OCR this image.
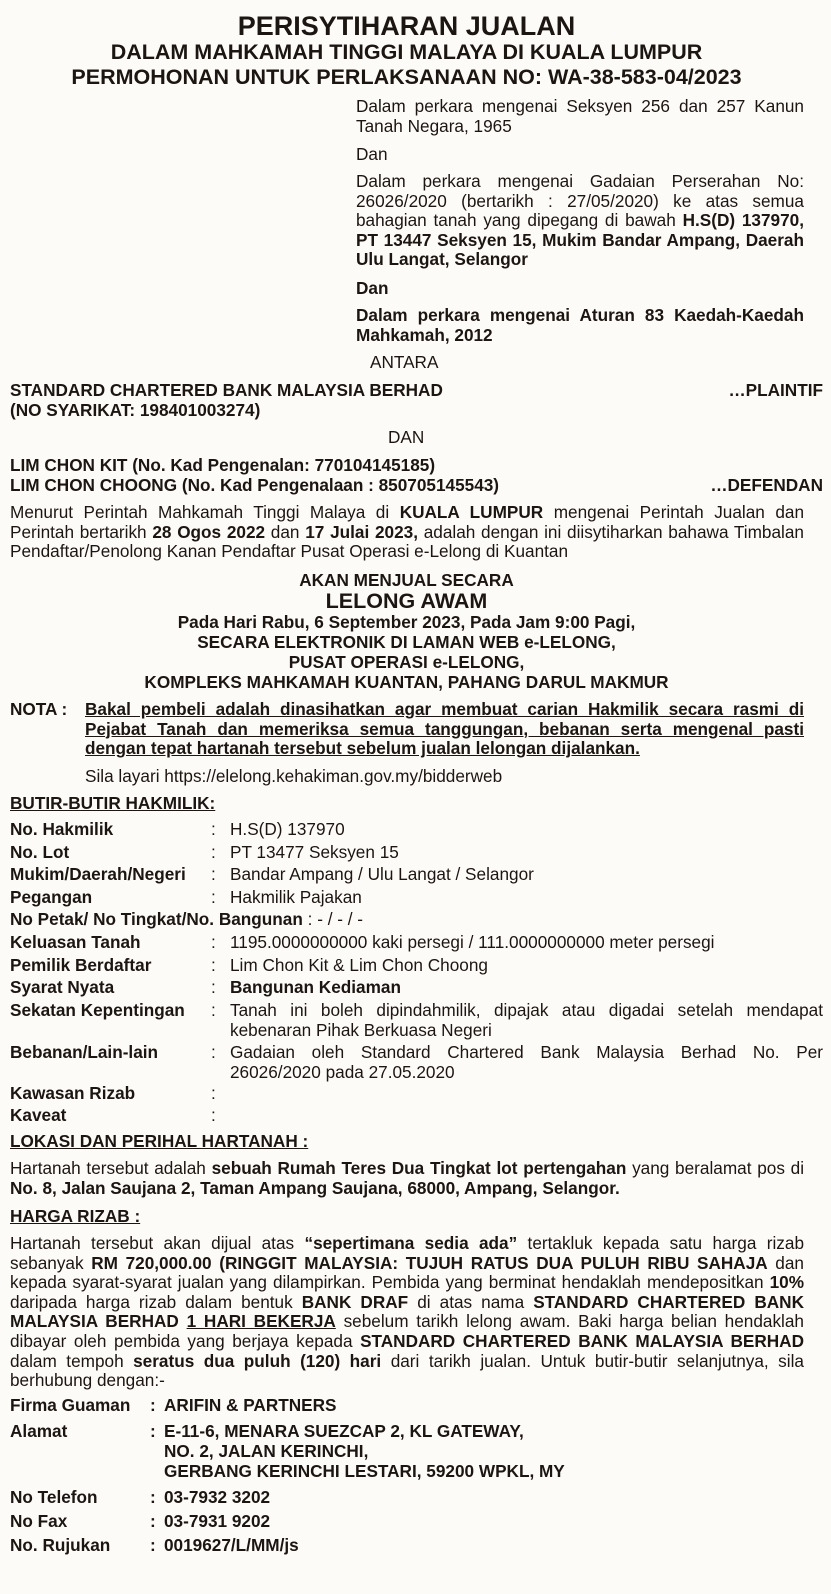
PERISYTIHARAN JUALAN
DALAM MAHKAMAH TINGGI MALAYA DI KUALA LUMPUR
PERMOHONAN UNTUK PERLAKSANAAN NO: WA-38-583-04/2023
Dalam perkara mengenai Seksyen 256 dan 257 Kanun Tanah Negara, 1965
Dan
Dalam perkara mengenai Gadaian Perserahan No: 26026/2020 (bertarikh : 27/05/2020) ke atas semua bahagian tanah yang dipegang di bawah H.S(D) 137970, PT 13447 Seksyen 15, Mukim Bandar Ampang, Daerah Ulu Langat, Selangor
Dan
Dalam perkara mengenai Aturan 83 Kaedah-Kaedah Mahkamah, 2012
ANTARA
STANDARD CHARTERED BANK MALAYSIA BERHAD	…PLAINTIF
(NO SYARIKAT: 198401003274)
DAN
LIM CHON KIT (No. Kad Pengenalan: 770104145185)
LIM CHON CHOONG (No. Kad Pengenalaan : 850705145543)	…DEFENDAN
Menurut Perintah Mahkamah Tinggi Malaya di KUALA LUMPUR mengenai Perintah Jualan dan Perintah bertarikh 28 Ogos 2022 dan 17 Julai 2023, adalah dengan ini diisytiharkan bahawa Timbalan Pendaftar/Penolong Kanan Pendaftar Pusat Operasi e-Lelong di Kuantan
AKAN MENJUAL SECARA
LELONG AWAM
Pada Hari Rabu, 6 September 2023, Pada Jam 9:00 Pagi,
SECARA ELEKTRONIK DI LAMAN WEB e-LELONG,
PUSAT OPERASI e-LELONG,
KOMPLEKS MAHKAMAH KUANTAN, PAHANG DARUL MAKMUR
NOTA : Bakal pembeli adalah dinasihatkan agar membuat carian Hakmilik secara rasmi di Pejabat Tanah dan memeriksa semua tanggungan, bebanan serta mengenal pasti dengan tepat hartanah tersebut sebelum jualan lelongan dijalankan.
Sila layari https://elelong.kehakiman.gov.my/bidderweb
BUTIR-BUTIR HAKMILIK:
No. Hakmilik	: H.S(D) 137970
No. Lot	: PT 13477 Seksyen 15
Mukim/Daerah/Negeri : Bandar Ampang / Ulu Langat / Selangor
Pegangan	: Hakmilik Pajakan
No Petak/ No Tingkat/No. Bangunan : - / - / -
Keluasan Tanah	: 1195.0000000000 kaki persegi / 111.0000000000 meter persegi
Pemilik Berdaftar	: Lim Chon Kit & Lim Chon Choong
Syarat Nyata	: Bangunan Kediaman
Sekatan Kepentingan : Tanah ini boleh dipindahmilik, dipajak atau digadai setelah mendapat kebenaran Pihak Berkuasa Negeri
Bebanan/Lain-lain	: Gadaian oleh Standard Chartered Bank Malaysia Berhad No. Per 26026/2020 pada 27.05.2020
Kawasan Rizab	:
Kaveat	:
LOKASI DAN PERIHAL HARTANAH :
Hartanah tersebut adalah sebuah Rumah Teres Dua Tingkat lot pertengahan yang beralamat pos di No. 8, Jalan Saujana 2, Taman Ampang Saujana, 68000, Ampang, Selangor.
HARGA RIZAB :
Hartanah tersebut akan dijual atas “sepertimana sedia ada” tertakluk kepada satu harga rizab sebanyak RM 720,000.00 (RINGGIT MALAYSIA: TUJUH RATUS DUA PULUH RIBU SAHAJA dan kepada syarat-syarat jualan yang dilampirkan. Pembida yang berminat hendaklah mendepositkan 10% daripada harga rizab dalam bentuk BANK DRAF di atas nama STANDARD CHARTERED BANK MALAYSIA BERHAD 1 HARI BEKERJA sebelum tarikh lelong awam. Baki harga belian hendaklah dibayar oleh pembida yang berjaya kepada STANDARD CHARTERED BANK MALAYSIA BERHAD dalam tempoh seratus dua puluh (120) hari dari tarikh jualan. Untuk butir-butir selanjutnya, sila berhubung dengan:-
Firma Guaman : ARIFIN & PARTNERS
Alamat	: E-11-6, MENARA SUEZCAP 2, KL GATEWAY,
NO. 2, JALAN KERINCHI,
GERBANG KERINCHI LESTARI, 59200 WPKL, MY
No Telefon	: 03-7932 3202
No Fax	: 03-7931 9202
No. Rujukan : 0019627/L/MM/js
